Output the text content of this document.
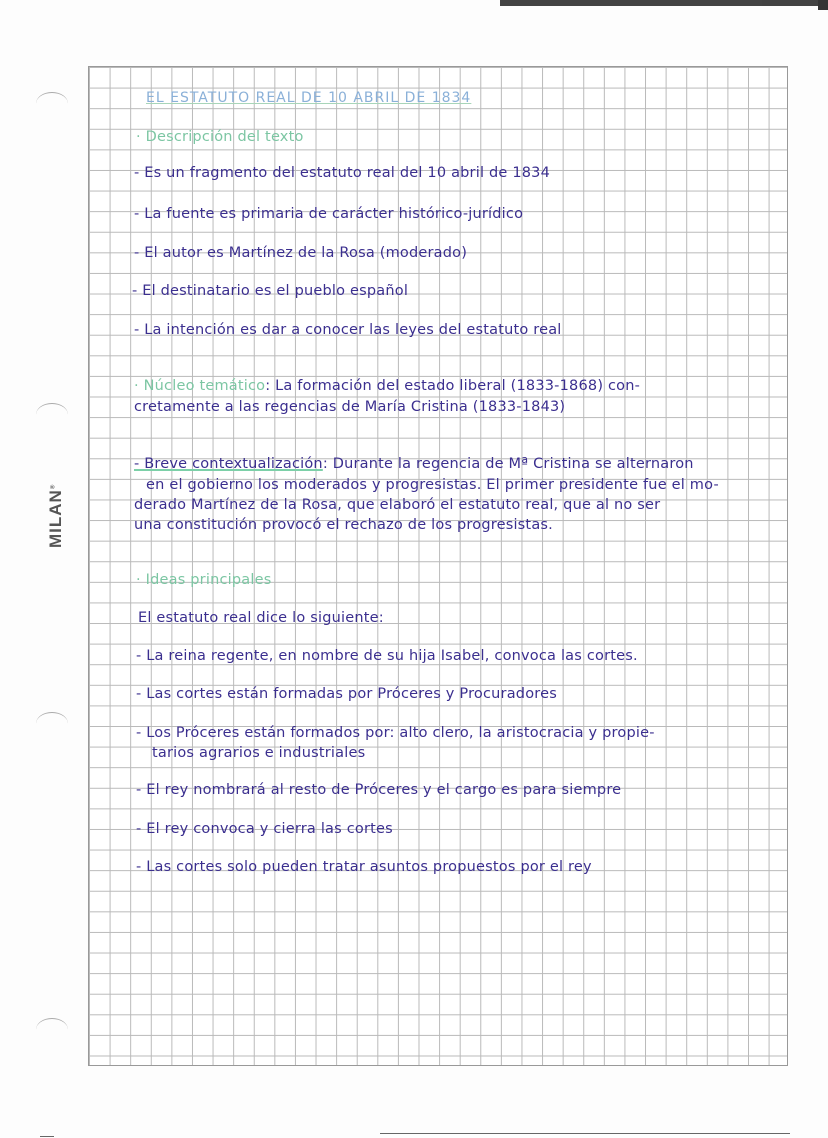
MILAN®
EL ESTATUTO REAL DE 10 ABRIL DE 1834
· Descripción del texto
- Es un fragmento del estatuto real del 10 abril de 1834
- La fuente es primaria de carácter histórico-jurídico
- El autor es Martínez de la Rosa (moderado)
- El destinatario es el pueblo español
- La intención es dar a conocer las leyes del estatuto real
· Núcleo temático: La formación del estado liberal (1833-1868) con-
cretamente a las regencias de María Cristina (1833-1843)
- Breve contextualización: Durante la regencia de Mª Cristina se alternaron
en el gobierno los moderados y progresistas. El primer presidente fue el mo-
derado Martínez de la Rosa, que elaboró el estatuto real, que al no ser
una constitución provocó el rechazo de los progresistas.
· Ideas principales
El estatuto real dice lo siguiente:
- La reina regente, en nombre de su hija Isabel, convoca las cortes.
- Las cortes están formadas por Próceres y Procuradores
- Los Próceres están formados por: alto clero, la aristocracia y propie-
tarios agrarios e industriales
- El rey nombrará al resto de Próceres y el cargo es para siempre
- El rey convoca y cierra las cortes
- Las cortes solo pueden tratar asuntos propuestos por el rey
